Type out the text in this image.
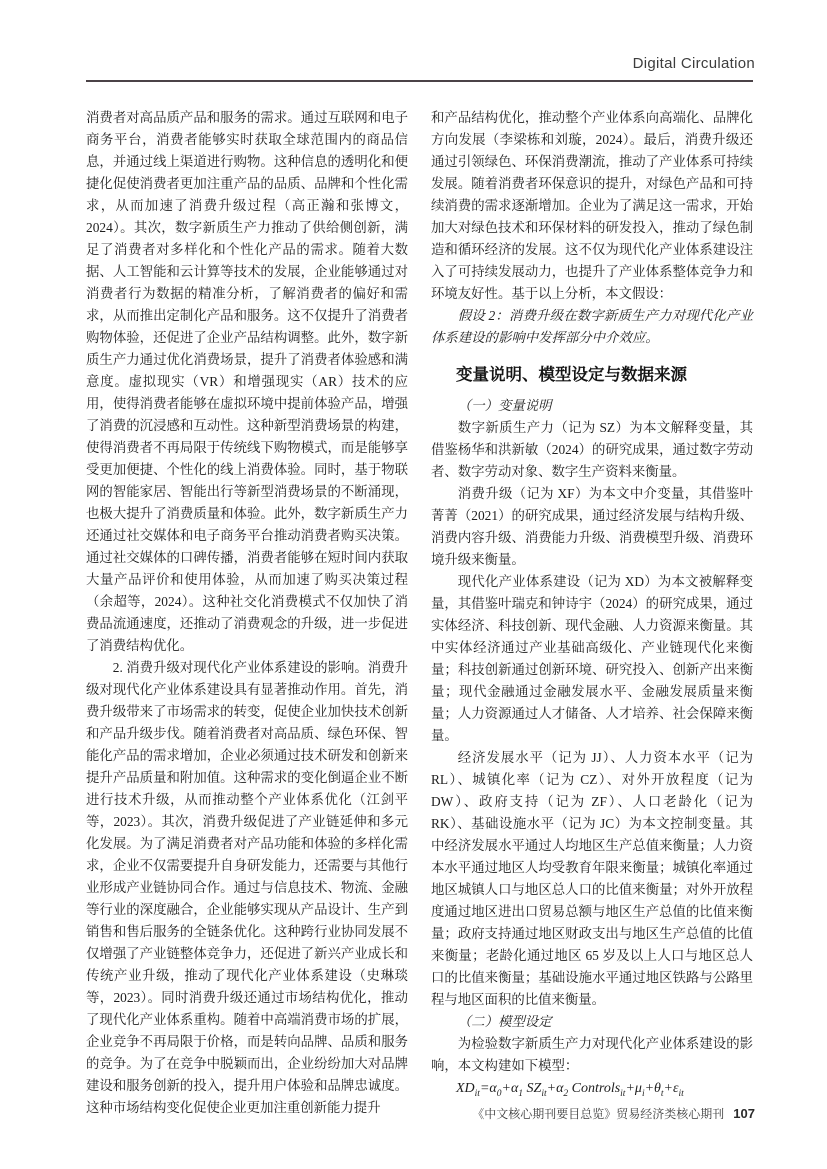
Digital Circulation

消费者对高品质产品和服务的需求。通过互联网和电子商务平台，消费者能够实时获取全球范围内的商品信息，并通过线上渠道进行购物。这种信息的透明化和便捷化促使消费者更加注重产品的品质、品牌和个性化需求，从而加速了消费升级过程（高正瀚和张博文，2024）。其次，数字新质生产力推动了供给侧创新，满足了消费者对多样化和个性化产品的需求。随着大数据、人工智能和云计算等技术的发展，企业能够通过对消费者行为数据的精准分析，了解消费者的偏好和需求，从而推出定制化产品和服务。这不仅提升了消费者购物体验，还促进了企业产品结构调整。此外，数字新质生产力通过优化消费场景，提升了消费者体验感和满意度。虚拟现实（VR）和增强现实（AR）技术的应用，使得消费者能够在虚拟环境中提前体验产品，增强了消费的沉浸感和互动性。这种新型消费场景的构建，使得消费者不再局限于传统线下购物模式，而是能够享受更加便捷、个性化的线上消费体验。同时，基于物联网的智能家居、智能出行等新型消费场景的不断涌现，也极大提升了消费质量和体验。此外，数字新质生产力还通过社交媒体和电子商务平台推动消费者购买决策。通过社交媒体的口碑传播，消费者能够在短时间内获取大量产品评价和使用体验，从而加速了购买决策过程（余超等，2024）。这种社交化消费模式不仅加快了消费品流通速度，还推动了消费观念的升级，进一步促进了消费结构优化。

2. 消费升级对现代化产业体系建设的影响。消费升级对现代化产业体系建设具有显著推动作用。首先，消费升级带来了市场需求的转变，促使企业加快技术创新和产品升级步伐。随着消费者对高品质、绿色环保、智能化产品的需求增加，企业必须通过技术研发和创新来提升产品质量和附加值。这种需求的变化倒逼企业不断进行技术升级，从而推动整个产业体系优化（江剑平等，2023）。其次，消费升级促进了产业链延伸和多元化发展。为了满足消费者对产品功能和体验的多样化需求，企业不仅需要提升自身研发能力，还需要与其他行业形成产业链协同合作。通过与信息技术、物流、金融等行业的深度融合，企业能够实现从产品设计、生产到销售和售后服务的全链条优化。这种跨行业协同发展不仅增强了产业链整体竞争力，还促进了新兴产业成长和传统产业升级，推动了现代化产业体系建设（史琳琰等，2023）。同时消费升级还通过市场结构优化，推动了现代化产业体系重构。随着中高端消费市场的扩展，企业竞争不再局限于价格，而是转向品牌、品质和服务的竞争。为了在竞争中脱颖而出，企业纷纷加大对品牌建设和服务创新的投入，提升用户体验和品牌忠诚度。这种市场结构变化促使企业更加注重创新能力提升

和产品结构优化，推动整个产业体系向高端化、品牌化方向发展（李梁栋和刘璇，2024）。最后，消费升级还通过引领绿色、环保消费潮流，推动了产业体系可持续发展。随着消费者环保意识的提升，对绿色产品和可持续消费的需求逐渐增加。企业为了满足这一需求，开始加大对绿色技术和环保材料的研发投入，推动了绿色制造和循环经济的发展。这不仅为现代化产业体系建设注入了可持续发展动力，也提升了产业体系整体竞争力和环境友好性。基于以上分析，本文假设：

假设 2：消费升级在数字新质生产力对现代化产业体系建设的影响中发挥部分中介效应。

变量说明、模型设定与数据来源

（一）变量说明

数字新质生产力（记为 SZ）为本文解释变量，其借鉴杨华和洪新敏（2024）的研究成果，通过数字劳动者、数字劳动对象、数字生产资料来衡量。

消费升级（记为 XF）为本文中介变量，其借鉴叶菁菁（2021）的研究成果，通过经济发展与结构升级、消费内容升级、消费能力升级、消费模型升级、消费环境升级来衡量。

现代化产业体系建设（记为 XD）为本文被解释变量，其借鉴叶瑞克和钟诗宇（2024）的研究成果，通过实体经济、科技创新、现代金融、人力资源来衡量。其中实体经济通过产业基础高级化、产业链现代化来衡量；科技创新通过创新环境、研究投入、创新产出来衡量；现代金融通过金融发展水平、金融发展质量来衡量；人力资源通过人才储备、人才培养、社会保障来衡量。

经济发展水平（记为 JJ）、人力资本水平（记为 RL）、城镇化率（记为 CZ）、对外开放程度（记为 DW）、政府支持（记为 ZF）、人口老龄化（记为 RK）、基础设施水平（记为 JC）为本文控制变量。其中经济发展水平通过人均地区生产总值来衡量；人力资本水平通过地区人均受教育年限来衡量；城镇化率通过地区城镇人口与地区总人口的比值来衡量；对外开放程度通过地区进出口贸易总额与地区生产总值的比值来衡量；政府支持通过地区财政支出与地区生产总值的比值来衡量；老龄化通过地区 65 岁及以上人口与地区总人口的比值来衡量；基础设施水平通过地区铁路与公路里程与地区面积的比值来衡量。

（二）模型设定

为检验数字新质生产力对现代化产业体系建设的影响，本文构建如下模型：

$XD_{it}=\alpha_0+\alpha_1$ $SZ_{it}+\alpha_2$ $Controls_{it}+\mu_i+\theta_t+\varepsilon_{it}$
《中文核心期刊要目总览》贸易经济类核心期刊 107
